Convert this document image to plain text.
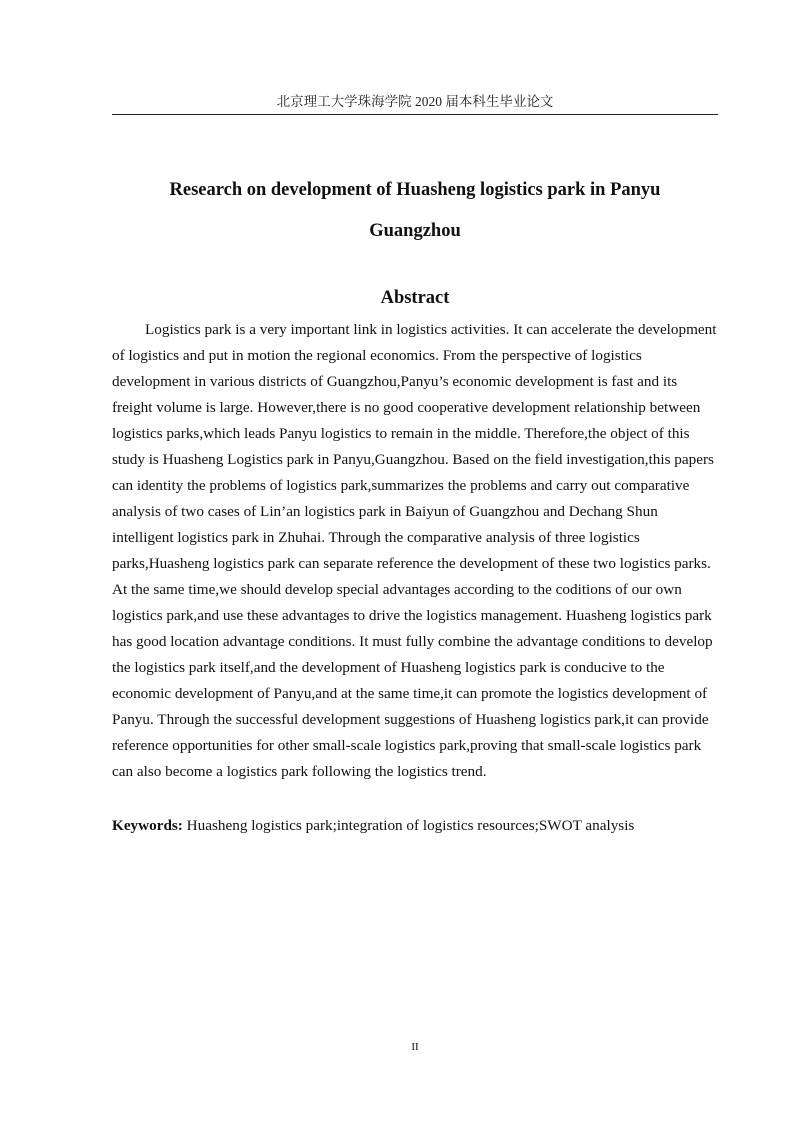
北京理工大学珠海学院 2020 届本科生毕业论文
Research on development of Huasheng logistics park in Panyu
Guangzhou
Abstract

Logistics park is a very important link in logistics activities. It can accelerate the development of logistics and put in motion the regional economics. From the perspective of logistics development in various districts of Guangzhou,Panyu’s economic development is fast and its freight volume is large. However,there is no good cooperative development relationship between logistics parks,which leads Panyu logistics to remain in the middle. Therefore,the object of this study is Huasheng Logistics park in Panyu,Guangzhou. Based on the field investigation,this papers can identity the problems of logistics park,summarizes the problems and carry out comparative analysis of two cases of Lin’an logistics park in Baiyun of Guangzhou and Dechang Shun intelligent logistics park in Zhuhai. Through the comparative analysis of three logistics parks,Huasheng logistics park can separate reference the development of these two logistics parks. At the same time,we should develop special advantages according to the coditions of our own logistics park,and use these advantages to drive the logistics management. Huasheng logistics park has good location advantage conditions. It must fully combine the advantage conditions to develop the logistics park itself,and the development of Huasheng logistics park is conducive to the economic development of Panyu,and at the same time,it can promote the logistics development of Panyu. Through the successful development suggestions of Huasheng logistics park,it can provide reference opportunities for other small-scale logistics park,proving that small-scale logistics park can also become a logistics park following the logistics trend.

Keywords: Huasheng logistics park;integration of logistics resources;SWOT analysis

II
